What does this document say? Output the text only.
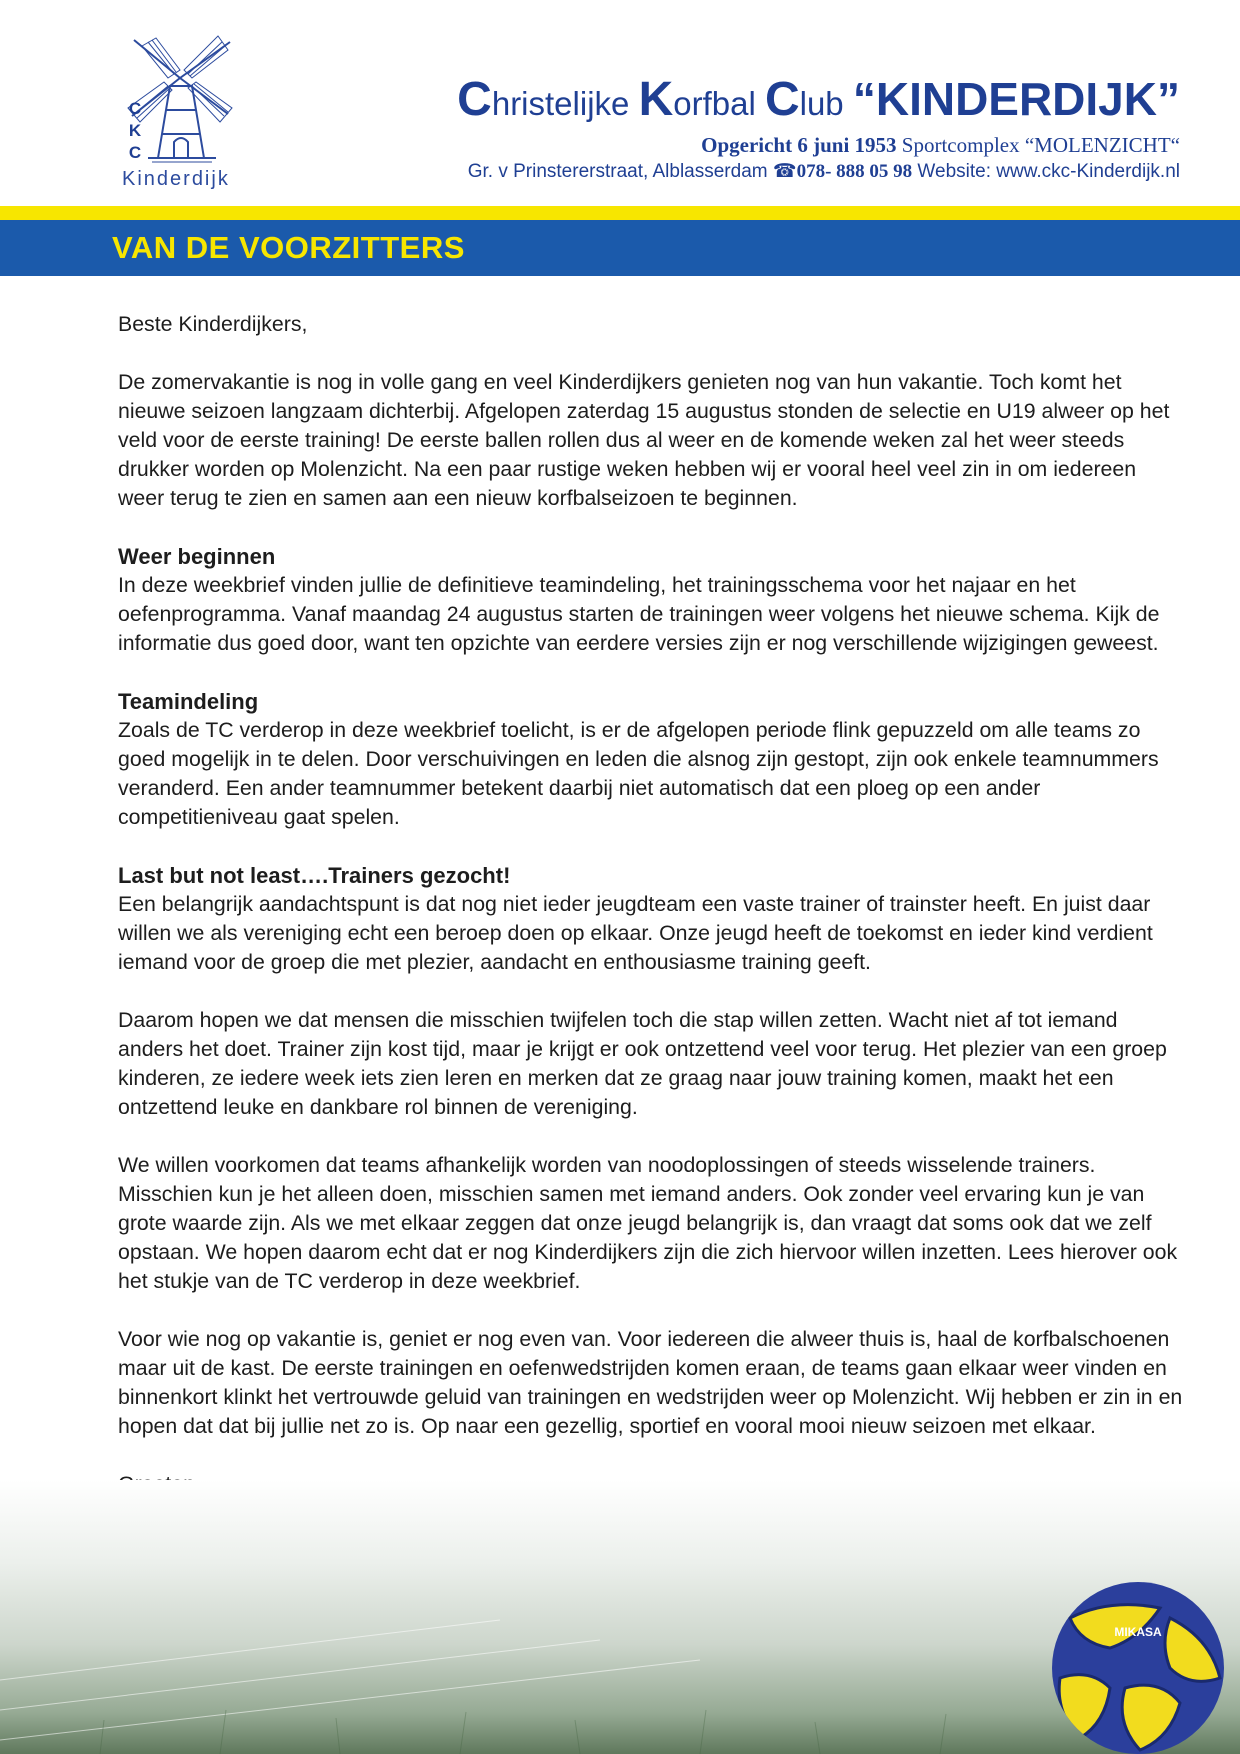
C
K
C
Kinderdijk
Christelijke Korfbal Club “KINDERDIJK”
Opgericht 6 juni 1953 Sportcomplex “MOLENZICHT“
Gr. v Prinstererstraat, Alblasserdam ☎078- 888 05 98 Website: www.ckc-Kinderdijk.nl
VAN DE VOORZITTERS

Beste Kinderdijkers,

De zomervakantie is nog in volle gang en veel Kinderdijkers genieten nog van hun vakantie. Toch komt het nieuwe seizoen langzaam dichterbij. Afgelopen zaterdag 15 augustus stonden de selectie en U19 alweer op het veld voor de eerste training! De eerste ballen rollen dus al weer en de komende weken zal het weer steeds drukker worden op Molenzicht. Na een paar rustige weken hebben wij er vooral heel veel zin in om iedereen weer terug te zien en samen aan een nieuw korfbalseizoen te beginnen.

Weer beginnen

In deze weekbrief vinden jullie de definitieve teamindeling, het trainingsschema voor het najaar en het oefenprogramma. Vanaf maandag 24 augustus starten de trainingen weer volgens het nieuwe schema. Kijk de informatie dus goed door, want ten opzichte van eerdere versies zijn er nog verschillende wijzigingen geweest.

Teamindeling

Zoals de TC verderop in deze weekbrief toelicht, is er de afgelopen periode flink gepuzzeld om alle teams zo goed mogelijk in te delen. Door verschuivingen en leden die alsnog zijn gestopt, zijn ook enkele teamnummers veranderd. Een ander teamnummer betekent daarbij niet automatisch dat een ploeg op een ander competitieniveau gaat spelen.

Last but not least….Trainers gezocht!

Een belangrijk aandachtspunt is dat nog niet ieder jeugdteam een vaste trainer of trainster heeft. En juist daar willen we als vereniging echt een beroep doen op elkaar. Onze jeugd heeft de toekomst en ieder kind verdient iemand voor de groep die met plezier, aandacht en enthousiasme training geeft.

Daarom hopen we dat mensen die misschien twijfelen toch die stap willen zetten. Wacht niet af tot iemand anders het doet. Trainer zijn kost tijd, maar je krijgt er ook ontzettend veel voor terug. Het plezier van een groep kinderen, ze iedere week iets zien leren en merken dat ze graag naar jouw training komen, maakt het een ontzettend leuke en dankbare rol binnen de vereniging.

We willen voorkomen dat teams afhankelijk worden van noodoplossingen of steeds wisselende trainers. Misschien kun je het alleen doen, misschien samen met iemand anders. Ook zonder veel ervaring kun je van grote waarde zijn. Als we met elkaar zeggen dat onze jeugd belangrijk is, dan vraagt dat soms ook dat we zelf opstaan. We hopen daarom echt dat er nog Kinderdijkers zijn die zich hiervoor willen inzetten. Lees hierover ook het stukje van de TC verderop in deze weekbrief.

Voor wie nog op vakantie is, geniet er nog even van. Voor iedereen die alweer thuis is, haal de korfbalschoenen maar uit de kast. De eerste trainingen en oefenwedstrijden komen eraan, de teams gaan elkaar weer vinden en binnenkort klinkt het vertrouwde geluid van trainingen en wedstrijden weer op Molenzicht. Wij hebben er zin in en hopen dat dat bij jullie net zo is. Op naar een gezellig, sportief en vooral mooi nieuw seizoen met elkaar.

MIKASA
